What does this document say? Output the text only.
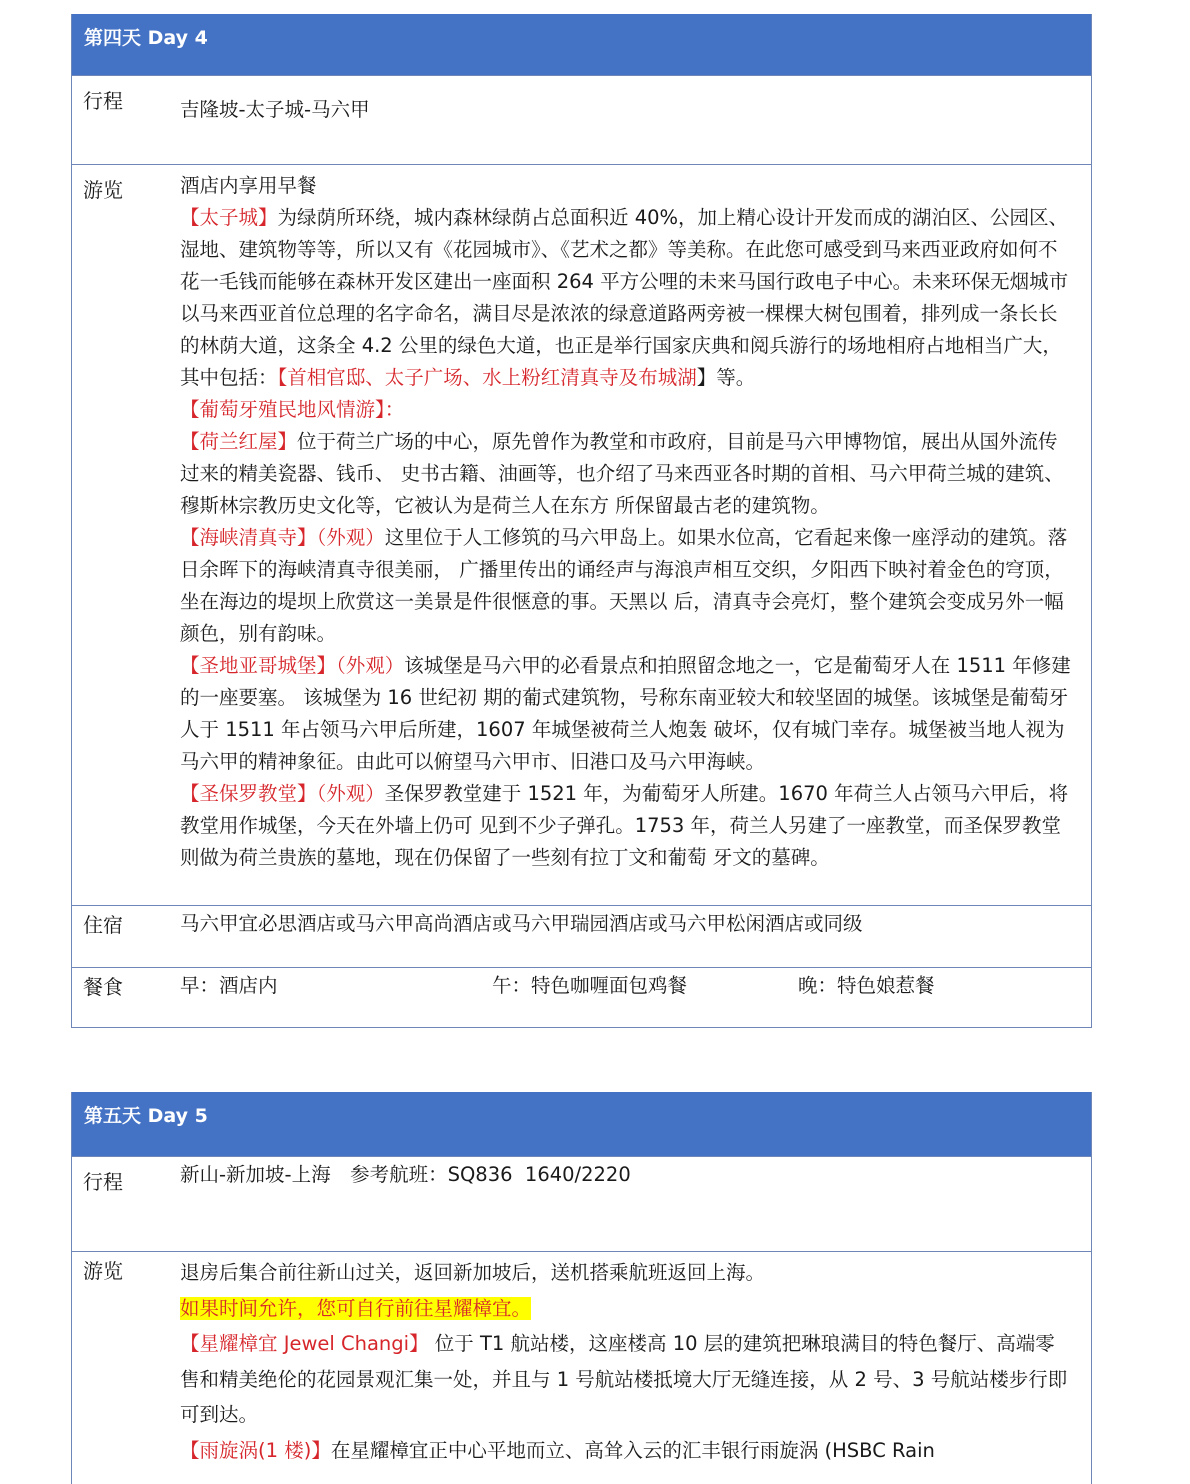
第四天 Day 4
行程	吉隆坡-太子城-马六甲
游览	酒店内享用早餐

【太子城】为绿荫所环绕，城内森林绿荫占总面积近 40%，加上精心设计开发而成的湖泊区、公园区、湿地、建筑物等等，所以又有《花园城市》、《艺术之都》等美称。在此您可感受到马来西亚政府如何不花一毛钱而能够在森林开发区建出一座面积 264 平方公哩的未来马国行政电子中心。未来环保无烟城市以马来西亚首位总理的名字命名，满目尽是浓浓的绿意道路两旁被一棵棵大树包围着，排列成一条长长的林荫大道，这条全 4.2 公里的绿色大道，也正是举行国家庆典和阅兵游行的场地相府占地相当广大，其中包括：【首相官邸、太子广场、水上粉红清真寺及布城湖】等。

【葡萄牙殖民地风情游】：

【荷兰红屋】位于荷兰广场的中心，原先曾作为教堂和市政府，目前是马六甲博物馆，展出从国外流传过来的精美瓷器、钱币、 史书古籍、油画等，也介绍了马来西亚各时期的首相、马六甲荷兰城的建筑、穆斯林宗教历史文化等，它被认为是荷兰人在东方 所保留最古老的建筑物。

【海峡清真寺】（外观）这里位于人工修筑的马六甲岛上。如果水位高，它看起来像一座浮动的建筑。落日余晖下的海峡清真寺很美丽， 广播里传出的诵经声与海浪声相互交织，夕阳西下映衬着金色的穹顶，坐在海边的堤坝上欣赏这一美景是件很惬意的事。天黑以 后，清真寺会亮灯，整个建筑会变成另外一幅颜色，别有韵味。

【圣地亚哥城堡】（外观）该城堡是马六甲的必看景点和拍照留念地之一，它是葡萄牙人在 1511 年修建的一座要塞。 该城堡为 16 世纪初 期的葡式建筑物，号称东南亚较大和较坚固的城堡。该城堡是葡萄牙人于 1511 年占领马六甲后所建，1607 年城堡被荷兰人炮轰 破坏，仅有城门幸存。城堡被当地人视为马六甲的精神象征。由此可以俯望马六甲市、旧港口及马六甲海峡。

【圣保罗教堂】（外观）圣保罗教堂建于 1521 年，为葡萄牙人所建。1670 年荷兰人占领马六甲后，将教堂用作城堡，今天在外墙上仍可 见到不少子弹孔。1753 年，荷兰人另建了一座教堂，而圣保罗教堂则做为荷兰贵族的墓地，现在仍保留了一些刻有拉丁文和葡萄 牙文的墓碑。

住宿	马六甲宜必思酒店或马六甲高尚酒店或马六甲瑞园酒店或马六甲松闲酒店或同级
餐食	早：酒店内	午：特色咖喱面包鸡餐	晚：特色娘惹餐
第五天 Day 5
行程	新山-新加坡-上海　参考航班：SQ836  1640/2220
游览	退房后集合前往新山过关，返回新加坡后，送机搭乘航班返回上海。

如果时间允许，您可自行前往星耀樟宜。

【星耀樟宜 Jewel Changi】 位于 T1 航站楼，这座楼高 10 层的建筑把琳琅满目的特色餐厅、高端零售和精美绝伦的花园景观汇集一处，并且与 1 号航站楼抵境大厅无缝连接，从 2 号、3 号航站楼步行即可到达。

【雨旋涡(1 楼)】在星耀樟宜正中心平地而立、高耸入云的汇丰银行雨旋涡 (HSBC Rain
